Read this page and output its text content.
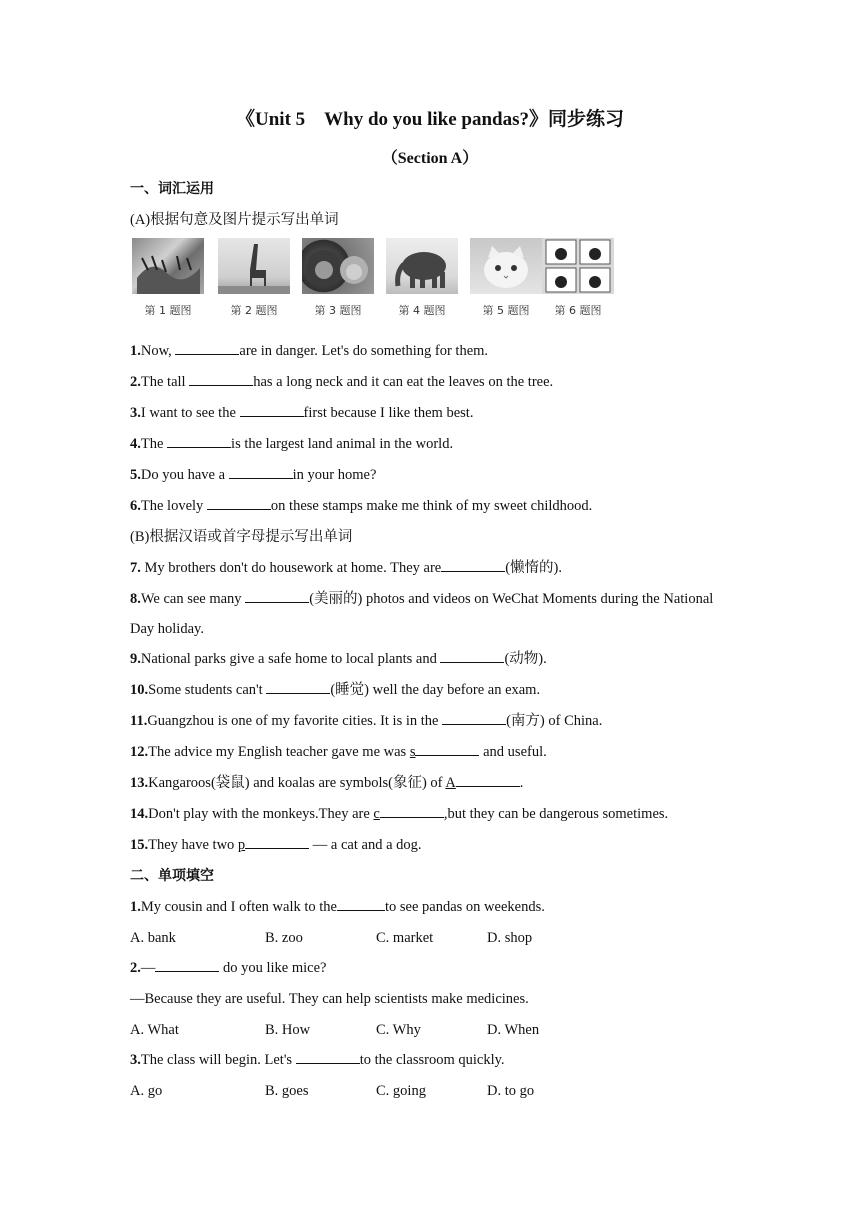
《Unit 5　Why do you like pandas?》同步练习
（Section A）
一、词汇运用
(A)根据句意及图片提示写出单词
第 1 题图	第 2 题图	第 3 题图	第 4 题图	第 5 题图	第 6 题图
1.Now,	are in danger. Let's do something for them.
2.The tall	has a long neck and it can eat the leaves on the tree.
3.I want to see the	first because I like them best.
4.The	is the largest land animal in the world.
5.Do you have a	in your home?
6.The lovely	on these stamps make me think of my sweet childhood.
(B)根据汉语或首字母提示写出单词
7. My brothers don't do housework at home. They are	(懒惰的).
8.We can see many	(美丽的) photos and videos on WeChat Moments during the National Day holiday.
9.National parks give a safe home to local plants and	(动物).
10.Some students can't	(睡觉) well the day before an exam.
11.Guangzhou is one of my favorite cities. It is in the	(南方) of China.
12.The advice my English teacher gave me was s	and useful.
13.Kangaroos(袋鼠) and koalas are symbols(象征) of A	.
14.Don't play with the monkeys.They are c	,but they can be dangerous sometimes.
15.They have two p	— a cat and a dog.
二、单项填空
1.My cousin and I often walk to the	to see pandas on weekends.
A. bank	B. zoo	C. market	D. shop
2.—	do you like mice?
—Because they are useful. They can help scientists make medicines.
A. What	B. How	C. Why	D. When
3.The class will begin. Let's	to the classroom quickly.
A. go	B. goes	C. going	D. to go
